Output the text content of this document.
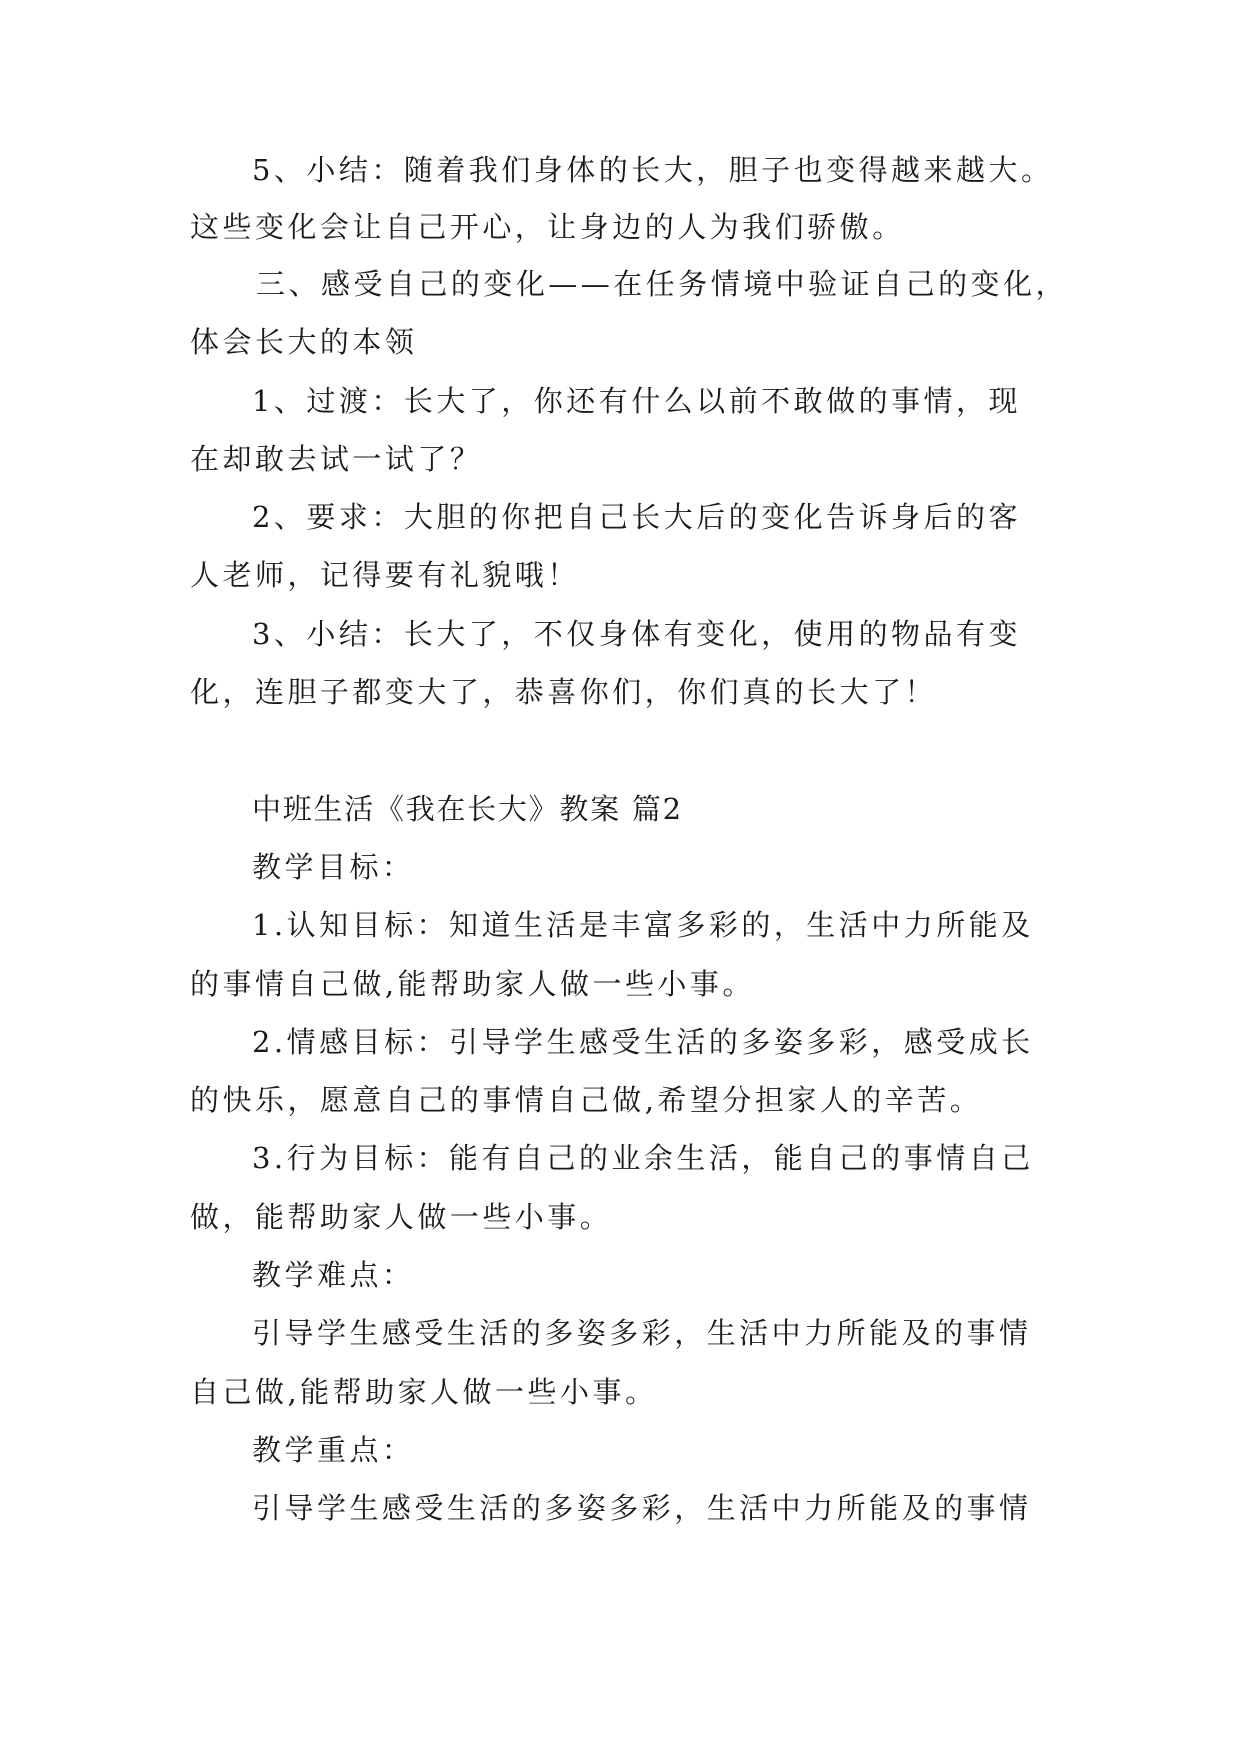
5、小结：随着我们身体的长大，胆子也变得越来越大。
这些变化会让自己开心，让身边的人为我们骄傲。
三、感受自己的变化——在任务情境中验证自己的变化，
体会长大的本领
1、过渡：长大了，你还有什么以前不敢做的事情，现
在却敢去试一试了？
2、要求：大胆的你把自己长大后的变化告诉身后的客
人老师，记得要有礼貌哦！
3、小结：长大了，不仅身体有变化，使用的物品有变
化，连胆子都变大了，恭喜你们，你们真的长大了！
中班生活《我在长大》教案 篇2
教学目标：
1.认知目标：知道生活是丰富多彩的，生活中力所能及
的事情自己做,能帮助家人做一些小事。
2.情感目标：引导学生感受生活的多姿多彩，感受成长
的快乐，愿意自己的事情自己做,希望分担家人的辛苦。
3.行为目标：能有自己的业余生活，能自己的事情自己
做，能帮助家人做一些小事。
教学难点：
引导学生感受生活的多姿多彩，生活中力所能及的事情
自己做,能帮助家人做一些小事。
教学重点：
引导学生感受生活的多姿多彩，生活中力所能及的事情
